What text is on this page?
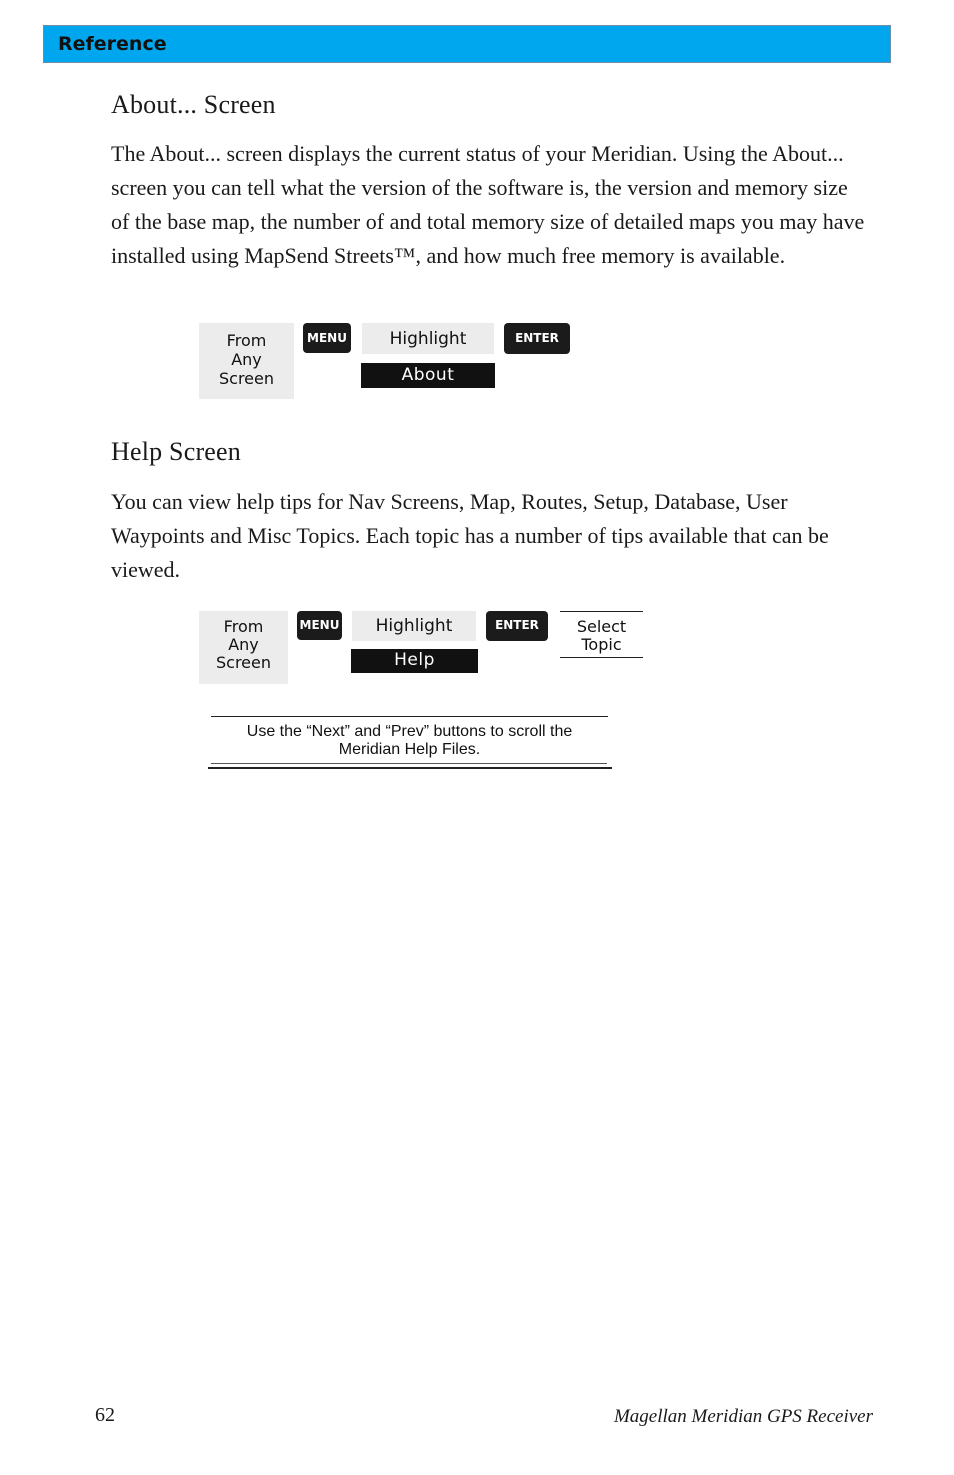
Reference
About... Screen

The About... screen displays the current status of your Meridian. Using the About... screen you can tell what the version of the software is, the version and memory size of the base map, the number of and total memory size of detailed maps you may have installed using MapSend Streets™, and how much free memory is available.

From
Any
Screen
MENU	Highlight
About
ENTER
Help Screen

You can view help tips for Nav Screens, Map, Routes, Setup, Database, User Waypoints and Misc Topics. Each topic has a number of tips available that can be viewed.

From
Any
Screen
MENU	Highlight
Help
ENTER	Select
Topic
Use the “Next” and “Prev” buttons to scroll the
Meridian Help Files.
62	Magellan Meridian GPS Receiver
